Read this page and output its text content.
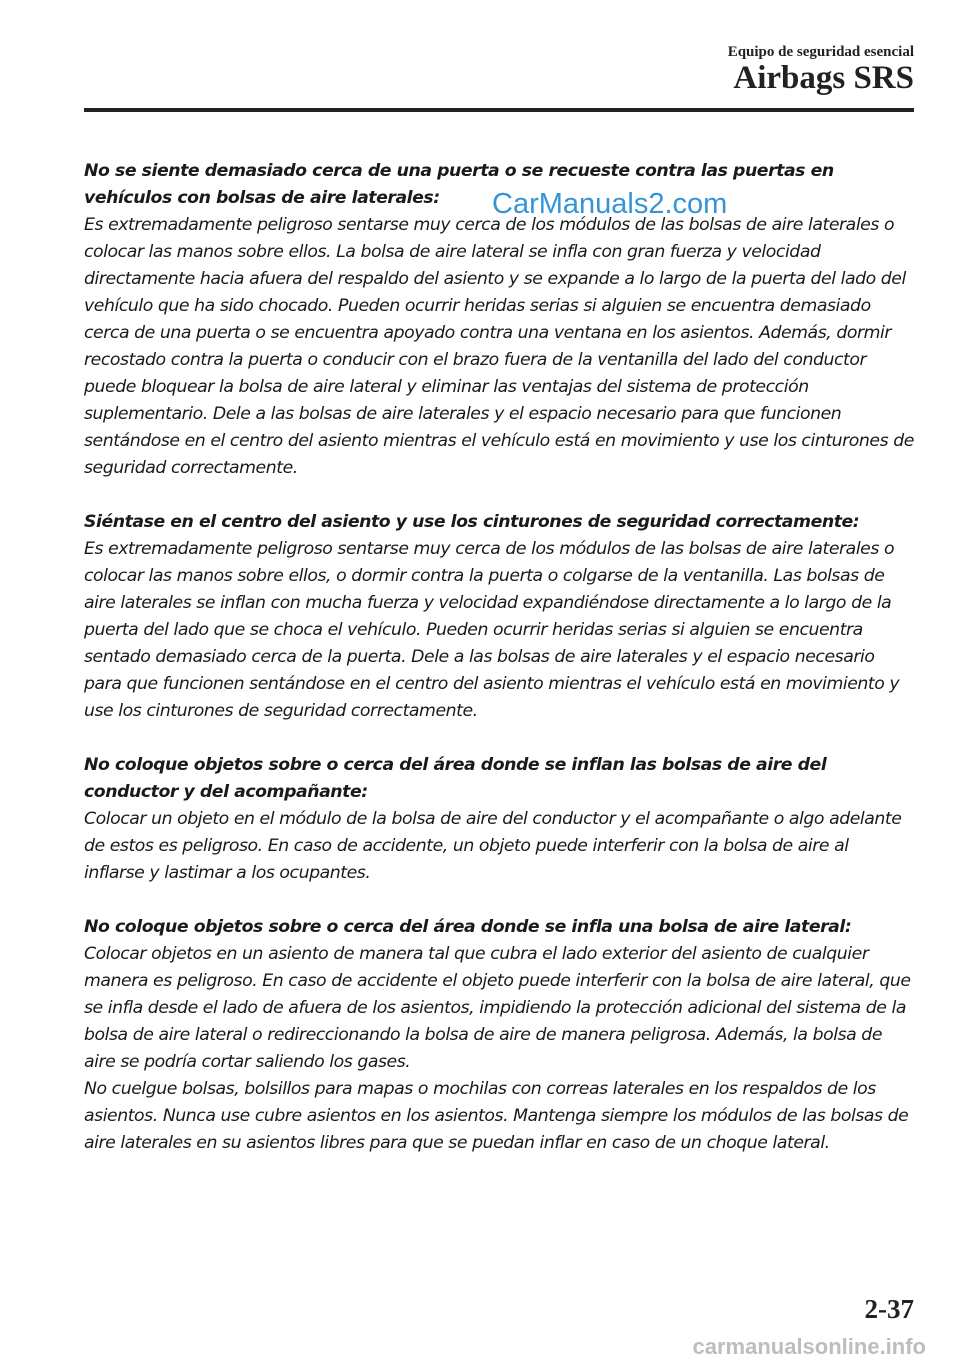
Equipo de seguridad esencial
Airbags SRS

No se siente demasiado cerca de una puerta o se recueste contra las puertas en vehículos con bolsas de aire laterales:

Es extremadamente peligroso sentarse muy cerca de los módulos de las bolsas de aire laterales o colocar las manos sobre ellos. La bolsa de aire lateral se infla con gran fuerza y velocidad directamente hacia afuera del respaldo del asiento y se expande a lo largo de la puerta del lado del vehículo que ha sido chocado. Pueden ocurrir heridas serias si alguien se encuentra demasiado cerca de una puerta o se encuentra apoyado contra una ventana en los asientos. Además, dormir recostado contra la puerta o conducir con el brazo fuera de la ventanilla del lado del conductor puede bloquear la bolsa de aire lateral y eliminar las ventajas del sistema de protección suplementario. Dele a las bolsas de aire laterales y el espacio necesario para que funcionen sentándose en el centro del asiento mientras el vehículo está en movimiento y use los cinturones de seguridad correctamente.

Siéntase en el centro del asiento y use los cinturones de seguridad correctamente:

Es extremadamente peligroso sentarse muy cerca de los módulos de las bolsas de aire laterales o colocar las manos sobre ellos, o dormir contra la puerta o colgarse de la ventanilla. Las bolsas de aire laterales se inflan con mucha fuerza y velocidad expandiéndose directamente a lo largo de la puerta del lado que se choca el vehículo. Pueden ocurrir heridas serias si alguien se encuentra sentado demasiado cerca de la puerta. Dele a las bolsas de aire laterales y el espacio necesario para que funcionen sentándose en el centro del asiento mientras el vehículo está en movimiento y use los cinturones de seguridad correctamente.

No coloque objetos sobre o cerca del área donde se inflan las bolsas de aire del conductor y del acompañante:

Colocar un objeto en el módulo de la bolsa de aire del conductor y el acompañante o algo adelante de estos es peligroso. En caso de accidente, un objeto puede interferir con la bolsa de aire al inflarse y lastimar a los ocupantes.

No coloque objetos sobre o cerca del área donde se infla una bolsa de aire lateral:

Colocar objetos en un asiento de manera tal que cubra el lado exterior del asiento de cualquier manera es peligroso. En caso de accidente el objeto puede interferir con la bolsa de aire lateral, que se infla desde el lado de afuera de los asientos, impidiendo la protección adicional del sistema de la bolsa de aire lateral o redireccionando la bolsa de aire de manera peligrosa. Además, la bolsa de aire se podría cortar saliendo los gases.

No cuelgue bolsas, bolsillos para mapas o mochilas con correas laterales en los respaldos de los asientos. Nunca use cubre asientos en los asientos. Mantenga siempre los módulos de las bolsas de aire laterales en su asientos libres para que se puedan inflar en caso de un choque lateral.

CarManuals2.com
2-37
carmanualsonline.info
